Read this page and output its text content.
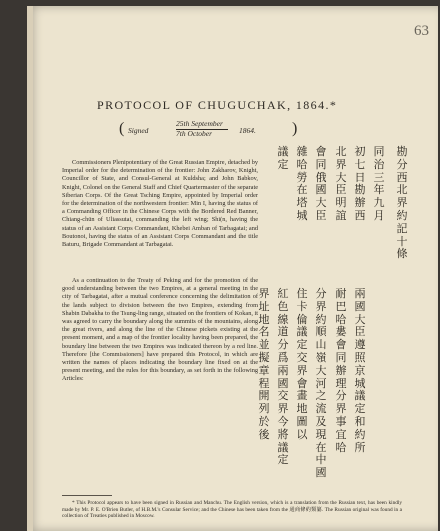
63
PROTOCOL OF CHUGUCHAK, 1864.*
( Signed
25th September
7th October	1864. )
Commissioners Plenipotentiary of the Great Russian Empire, detached by Imperial order for the determination of the frontier: John Zakharov, Knight, Councillor of State, and Consul-General at Kuldsha; and John Babkov, Knight, Colonel on the General Staff and Chief Quartermaster of the separate Siberian Corps. Of the Great Tsching Empire, appointed by Imperial order for the determination of the northwestern frontier: Min I, having the status of a Commanding Officer in the Chinese Corps with the Bordered Red Banner, Chiang-chün of Uliassutai, commanding the left wing; Shi(n, having the status of an Assistant Corps Commandant, Khebei Amban of Tarbagatai; and Boutonoi, having the status of an Assistant Corps Commandant and the title Baturu, Brigade Commandant at Tarbagatai.
As a continuation to the Treaty of Peking and for the promotion of the good understanding between the two Empires, at a general meeting in the city of Tarbagatai, after a mutual conference concerning the delimitation of the lands subject to division between the two Empires, extending from Shabin Dabakha to the Tsung-ling range, situated on the frontiers of Kokan, it was agreed to carry the boundary along the summits of the mountains, along the great rivers, and along the line of the Chinese pickets existing at the present moment, and a map of the frontier locality having been prepared, the boundary line between the two Empires was indicated thereon by a red line. Therefore [the Commissioners] have prepared this Protocol, in which are written the names of places indicating the boundary line fixed on at the present meeting, and the rules for this boundary, as set forth in the following Articles:
勘分西北界約記十條
同治三年九月
初七日勘辦西
北界大臣明誼
會同俄國大臣
雜哈勞在塔城
議定
兩國大臣遵照京城議定和約所
耐巴哈婁會同辦理分界事宜哈
分界約順山嶺大河之流及現在中國
住卡倫議定交界會畫地圖以
紅色線道分爲兩國交界今將議定
界址地名並擬章程開列於後
* This Protocol appears to have been signed in Russian and Manchu. The English version, which is a translation from the Russian text, has been kindly made by Mr. P. E. O'Brien Butler, of H.B.M.'s Consular Service; and the Chinese has been taken from the 通商條約類纂. The Russian original was found in a collection of Treaties published in Moscow.
